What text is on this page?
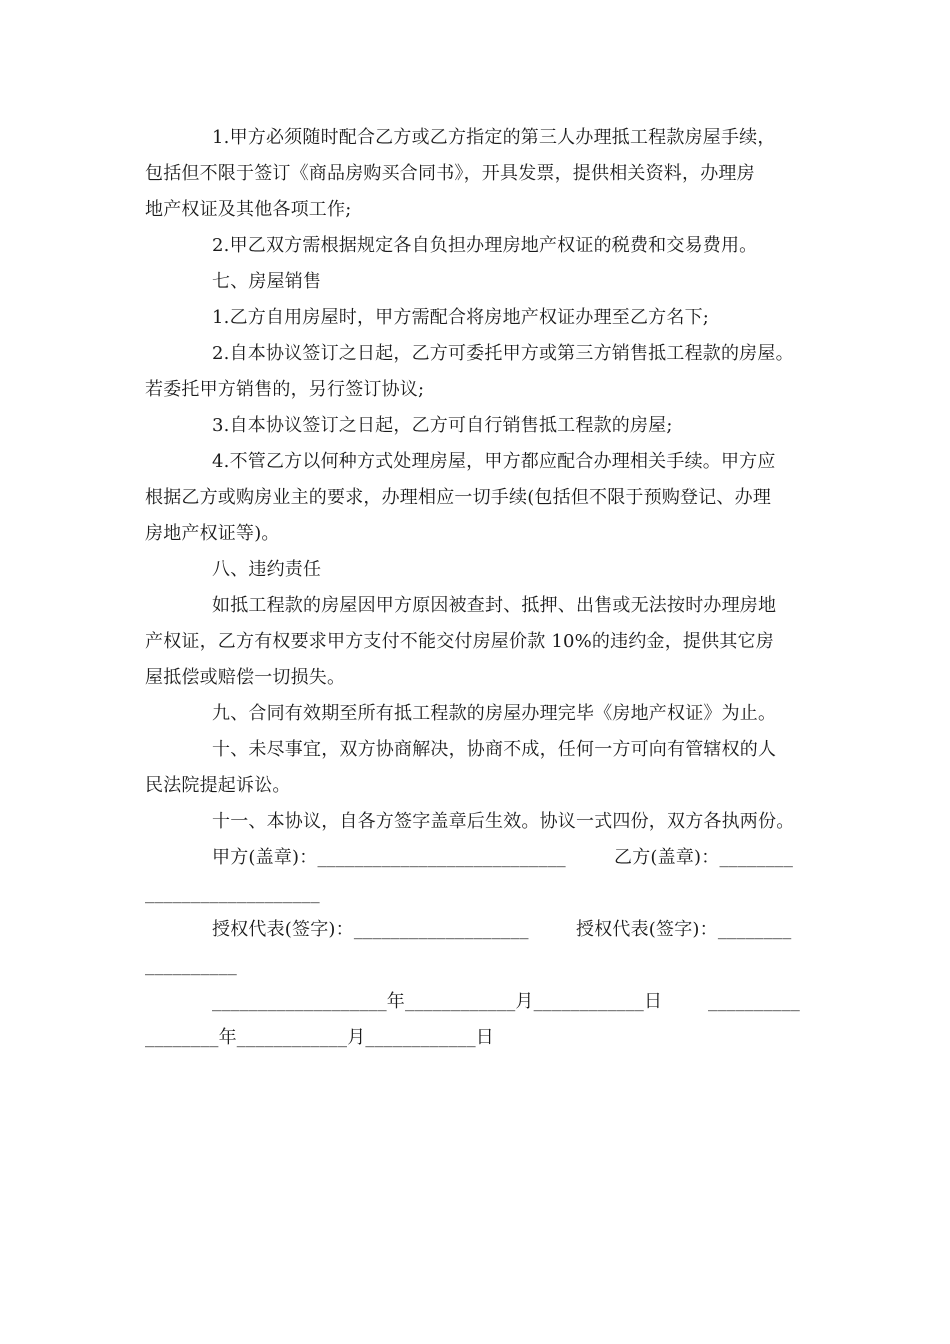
1.甲方必须随时配合乙方或乙方指定的第三人办理抵工程款房屋手续，
包括但不限于签订《商品房购买合同书》，开具发票，提供相关资料，办理房
地产权证及其他各项工作;
2.甲乙双方需根据规定各自负担办理房地产权证的税费和交易费用。
七、房屋销售
1.乙方自用房屋时，甲方需配合将房地产权证办理至乙方名下;
2.自本协议签订之日起，乙方可委托甲方或第三方销售抵工程款的房屋。
若委托甲方销售的，另行签订协议;
3.自本协议签订之日起，乙方可自行销售抵工程款的房屋;
4.不管乙方以何种方式处理房屋，甲方都应配合办理相关手续。甲方应
根据乙方或购房业主的要求，办理相应一切手续(包括但不限于预购登记、办理
房地产权证等)。
八、违约责任
如抵工程款的房屋因甲方原因被查封、抵押、出售或无法按时办理房地
产权证，乙方有权要求甲方支付不能交付房屋价款 10%的违约金，提供其它房
屋抵偿或赔偿一切损失。
九、合同有效期至所有抵工程款的房屋办理完毕《房地产权证》为止。
十、未尽事宜，双方协商解决，协商不成，任何一方可向有管辖权的人
民法院提起诉讼。
十一、本协议，自各方签字盖章后生效。协议一式四份，双方各执两份。
甲方(盖章)：___________________________	乙方(盖章)：________
___________________
授权代表(签字)：___________________	授权代表(签字)：________
__________
___________________年____________月____________日	__________
________年____________月____________日
